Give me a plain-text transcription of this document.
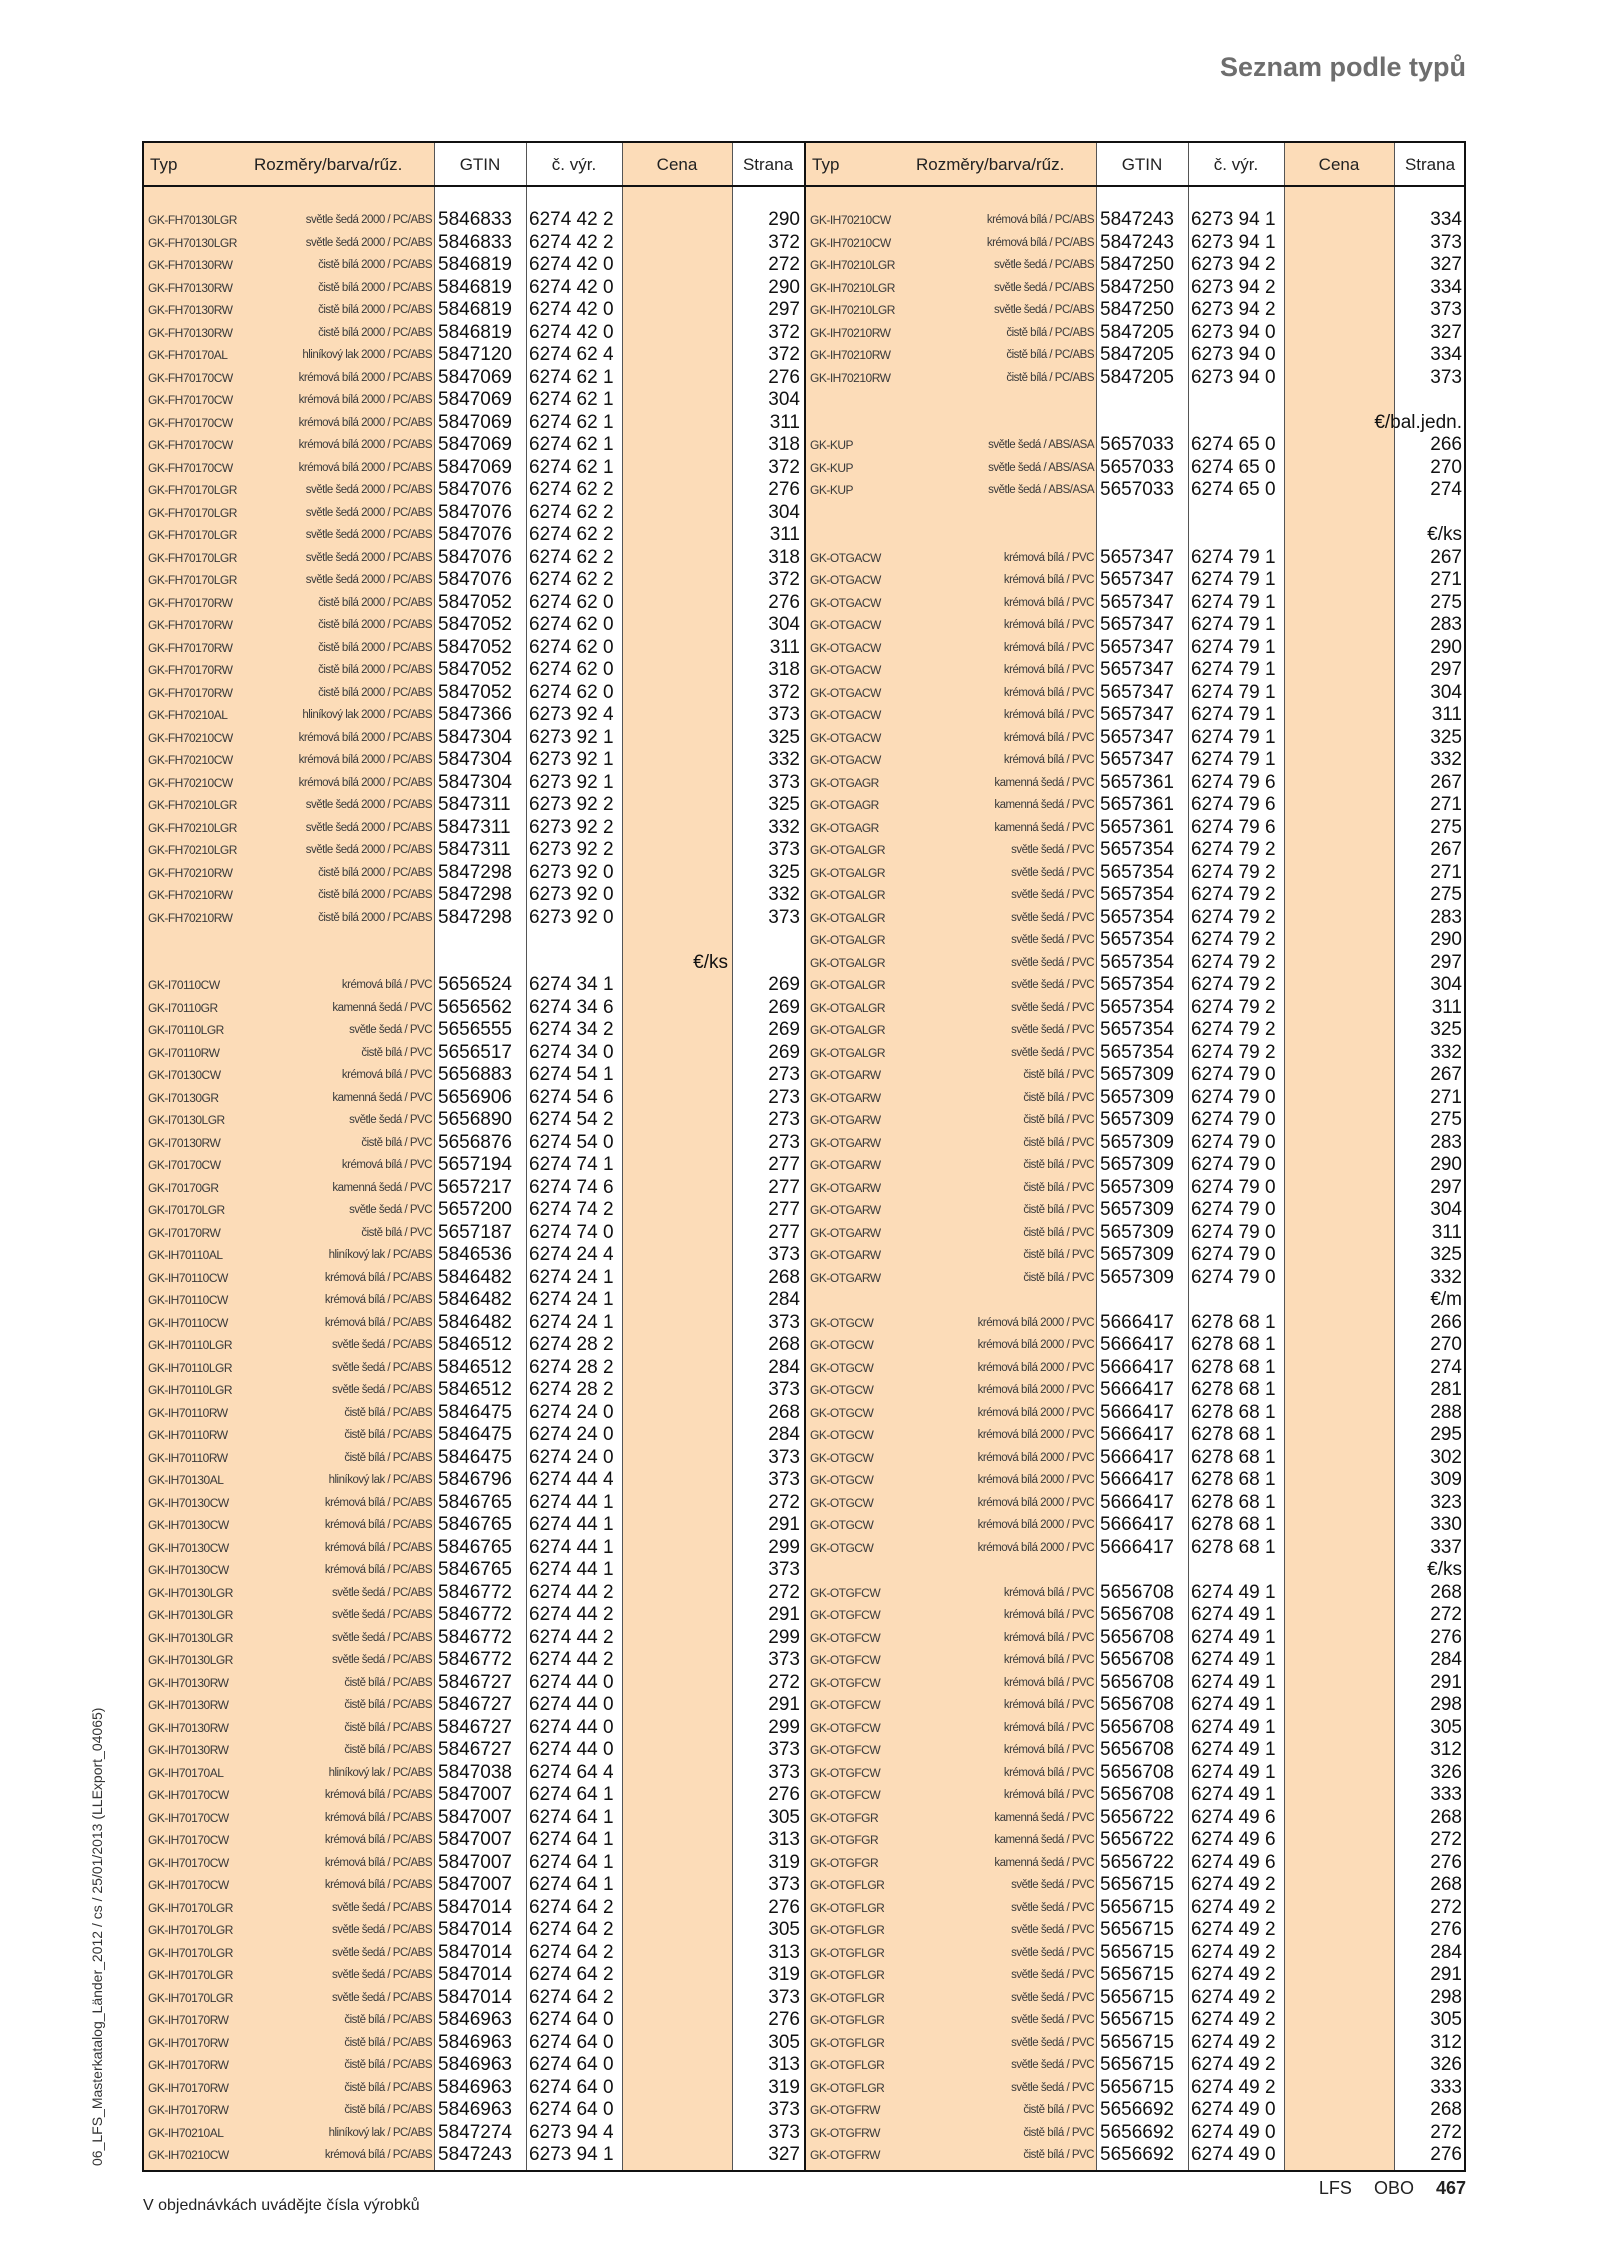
Seznam podle typů
06_LFS_Masterkatalog_Länder_2012 / cs / 25/01/2013 (LLExport_04065)
Typ	Rozměry/barva/rűz.	GTIN	č. výr.	Cena	Strana
GK-FH70130LGR	světle šedá 2000 / PC/ABS 5846833 6274 42 2	290
GK-FH70130LGR	světle šedá 2000 / PC/ABS 5846833 6274 42 2	372
GK-FH70130RW	čistě bílá 2000 / PC/ABS 5846819 6274 42 0	272
GK-FH70130RW	čistě bílá 2000 / PC/ABS 5846819 6274 42 0	290
GK-FH70130RW	čistě bílá 2000 / PC/ABS 5846819 6274 42 0	297
GK-FH70130RW	čistě bílá 2000 / PC/ABS 5846819 6274 42 0	372
GK-FH70170AL	hliníkový lak 2000 / PC/ABS 5847120 6274 62 4	372
GK-FH70170CW	krémová bílá 2000 / PC/ABS 5847069 6274 62 1	276
GK-FH70170CW	krémová bílá 2000 / PC/ABS 5847069 6274 62 1	304
GK-FH70170CW	krémová bílá 2000 / PC/ABS 5847069 6274 62 1	311
GK-FH70170CW	krémová bílá 2000 / PC/ABS 5847069 6274 62 1	318
GK-FH70170CW	krémová bílá 2000 / PC/ABS 5847069 6274 62 1	372
GK-FH70170LGR	světle šedá 2000 / PC/ABS 5847076 6274 62 2	276
GK-FH70170LGR	světle šedá 2000 / PC/ABS 5847076 6274 62 2	304
GK-FH70170LGR	světle šedá 2000 / PC/ABS 5847076 6274 62 2	311
GK-FH70170LGR	světle šedá 2000 / PC/ABS 5847076 6274 62 2	318
GK-FH70170LGR	světle šedá 2000 / PC/ABS 5847076 6274 62 2	372
GK-FH70170RW	čistě bílá 2000 / PC/ABS 5847052 6274 62 0	276
GK-FH70170RW	čistě bílá 2000 / PC/ABS 5847052 6274 62 0	304
GK-FH70170RW	čistě bílá 2000 / PC/ABS 5847052 6274 62 0	311
GK-FH70170RW	čistě bílá 2000 / PC/ABS 5847052 6274 62 0	318
GK-FH70170RW	čistě bílá 2000 / PC/ABS 5847052 6274 62 0	372
GK-FH70210AL	hliníkový lak 2000 / PC/ABS 5847366 6273 92 4	373
GK-FH70210CW	krémová bílá 2000 / PC/ABS 5847304 6273 92 1	325
GK-FH70210CW	krémová bílá 2000 / PC/ABS 5847304 6273 92 1	332
GK-FH70210CW	krémová bílá 2000 / PC/ABS 5847304 6273 92 1	373
GK-FH70210LGR	světle šedá 2000 / PC/ABS 5847311 6273 92 2	325
GK-FH70210LGR	světle šedá 2000 / PC/ABS 5847311 6273 92 2	332
GK-FH70210LGR	světle šedá 2000 / PC/ABS 5847311 6273 92 2	373
GK-FH70210RW	čistě bílá 2000 / PC/ABS 5847298 6273 92 0	325
GK-FH70210RW	čistě bílá 2000 / PC/ABS 5847298 6273 92 0	332
GK-FH70210RW	čistě bílá 2000 / PC/ABS 5847298 6273 92 0	373
€/ks
GK-I70110CW	krémová bílá / PVC 5656524 6274 34 1	269
GK-I70110GR	kamenná šedá / PVC 5656562 6274 34 6	269
GK-I70110LGR	světle šedá / PVC 5656555 6274 34 2	269
GK-I70110RW	čistě bílá / PVC 5656517 6274 34 0	269
GK-I70130CW	krémová bílá / PVC 5656883 6274 54 1	273
GK-I70130GR	kamenná šedá / PVC 5656906 6274 54 6	273
GK-I70130LGR	světle šedá / PVC 5656890 6274 54 2	273
GK-I70130RW	čistě bílá / PVC 5656876 6274 54 0	273
GK-I70170CW	krémová bílá / PVC 5657194 6274 74 1	277
GK-I70170GR	kamenná šedá / PVC 5657217 6274 74 6	277
GK-I70170LGR	světle šedá / PVC 5657200 6274 74 2	277
GK-I70170RW	čistě bílá / PVC 5657187 6274 74 0	277
GK-IH70110AL	hliníkový lak / PC/ABS 5846536 6274 24 4	373
GK-IH70110CW	krémová bílá / PC/ABS 5846482 6274 24 1	268
GK-IH70110CW	krémová bílá / PC/ABS 5846482 6274 24 1	284
GK-IH70110CW	krémová bílá / PC/ABS 5846482 6274 24 1	373
GK-IH70110LGR	světle šedá / PC/ABS 5846512 6274 28 2	268
GK-IH70110LGR	světle šedá / PC/ABS 5846512 6274 28 2	284
GK-IH70110LGR	světle šedá / PC/ABS 5846512 6274 28 2	373
GK-IH70110RW	čistě bílá / PC/ABS 5846475 6274 24 0	268
GK-IH70110RW	čistě bílá / PC/ABS 5846475 6274 24 0	284
GK-IH70110RW	čistě bílá / PC/ABS 5846475 6274 24 0	373
GK-IH70130AL	hliníkový lak / PC/ABS 5846796 6274 44 4	373
GK-IH70130CW	krémová bílá / PC/ABS 5846765 6274 44 1	272
GK-IH70130CW	krémová bílá / PC/ABS 5846765 6274 44 1	291
GK-IH70130CW	krémová bílá / PC/ABS 5846765 6274 44 1	299
GK-IH70130CW	krémová bílá / PC/ABS 5846765 6274 44 1	373
GK-IH70130LGR	světle šedá / PC/ABS 5846772 6274 44 2	272
GK-IH70130LGR	světle šedá / PC/ABS 5846772 6274 44 2	291
GK-IH70130LGR	světle šedá / PC/ABS 5846772 6274 44 2	299
GK-IH70130LGR	světle šedá / PC/ABS 5846772 6274 44 2	373
GK-IH70130RW	čistě bílá / PC/ABS 5846727 6274 44 0	272
GK-IH70130RW	čistě bílá / PC/ABS 5846727 6274 44 0	291
GK-IH70130RW	čistě bílá / PC/ABS 5846727 6274 44 0	299
GK-IH70130RW	čistě bílá / PC/ABS 5846727 6274 44 0	373
GK-IH70170AL	hliníkový lak / PC/ABS 5847038 6274 64 4	373
GK-IH70170CW	krémová bílá / PC/ABS 5847007 6274 64 1	276
GK-IH70170CW	krémová bílá / PC/ABS 5847007 6274 64 1	305
GK-IH70170CW	krémová bílá / PC/ABS 5847007 6274 64 1	313
GK-IH70170CW	krémová bílá / PC/ABS 5847007 6274 64 1	319
GK-IH70170CW	krémová bílá / PC/ABS 5847007 6274 64 1	373
GK-IH70170LGR	světle šedá / PC/ABS 5847014 6274 64 2	276
GK-IH70170LGR	světle šedá / PC/ABS 5847014 6274 64 2	305
GK-IH70170LGR	světle šedá / PC/ABS 5847014 6274 64 2	313
GK-IH70170LGR	světle šedá / PC/ABS 5847014 6274 64 2	319
GK-IH70170LGR	světle šedá / PC/ABS 5847014 6274 64 2	373
GK-IH70170RW	čistě bílá / PC/ABS 5846963 6274 64 0	276
GK-IH70170RW	čistě bílá / PC/ABS 5846963 6274 64 0	305
GK-IH70170RW	čistě bílá / PC/ABS 5846963 6274 64 0	313
GK-IH70170RW	čistě bílá / PC/ABS 5846963 6274 64 0	319
GK-IH70170RW	čistě bílá / PC/ABS 5846963 6274 64 0	373
GK-IH70210AL	hliníkový lak / PC/ABS 5847274 6273 94 4	373
GK-IH70210CW	krémová bílá / PC/ABS 5847243 6273 94 1	327
Typ	Rozměry/barva/rűz.	GTIN	č. výr.	Cena	Strana
GK-IH70210CW	krémová bílá / PC/ABS 5847243 6273 94 1	334
GK-IH70210CW	krémová bílá / PC/ABS 5847243 6273 94 1	373
GK-IH70210LGR	světle šedá / PC/ABS 5847250 6273 94 2	327
GK-IH70210LGR	světle šedá / PC/ABS 5847250 6273 94 2	334
GK-IH70210LGR	světle šedá / PC/ABS 5847250 6273 94 2	373
GK-IH70210RW	čistě bílá / PC/ABS 5847205 6273 94 0	327
GK-IH70210RW	čistě bílá / PC/ABS 5847205 6273 94 0	334
GK-IH70210RW	čistě bílá / PC/ABS 5847205 6273 94 0	373
€/bal.jedn.
GK-KUP	světle šedá / ABS/ASA 5657033 6274 65 0	266
GK-KUP	světle šedá / ABS/ASA 5657033 6274 65 0	270
GK-KUP	světle šedá / ABS/ASA 5657033 6274 65 0	274
€/ks
GK-OTGACW	krémová bílá / PVC 5657347 6274 79 1	267
GK-OTGACW	krémová bílá / PVC 5657347 6274 79 1	271
GK-OTGACW	krémová bílá / PVC 5657347 6274 79 1	275
GK-OTGACW	krémová bílá / PVC 5657347 6274 79 1	283
GK-OTGACW	krémová bílá / PVC 5657347 6274 79 1	290
GK-OTGACW	krémová bílá / PVC 5657347 6274 79 1	297
GK-OTGACW	krémová bílá / PVC 5657347 6274 79 1	304
GK-OTGACW	krémová bílá / PVC 5657347 6274 79 1	311
GK-OTGACW	krémová bílá / PVC 5657347 6274 79 1	325
GK-OTGACW	krémová bílá / PVC 5657347 6274 79 1	332
GK-OTGAGR	kamenná šedá / PVC 5657361 6274 79 6	267
GK-OTGAGR	kamenná šedá / PVC 5657361 6274 79 6	271
GK-OTGAGR	kamenná šedá / PVC 5657361 6274 79 6	275
GK-OTGALGR	světle šedá / PVC 5657354 6274 79 2	267
GK-OTGALGR	světle šedá / PVC 5657354 6274 79 2	271
GK-OTGALGR	světle šedá / PVC 5657354 6274 79 2	275
GK-OTGALGR	světle šedá / PVC 5657354 6274 79 2	283
GK-OTGALGR	světle šedá / PVC 5657354 6274 79 2	290
GK-OTGALGR	světle šedá / PVC 5657354 6274 79 2	297
GK-OTGALGR	světle šedá / PVC 5657354 6274 79 2	304
GK-OTGALGR	světle šedá / PVC 5657354 6274 79 2	311
GK-OTGALGR	světle šedá / PVC 5657354 6274 79 2	325
GK-OTGALGR	světle šedá / PVC 5657354 6274 79 2	332
GK-OTGARW	čistě bílá / PVC 5657309 6274 79 0	267
GK-OTGARW	čistě bílá / PVC 5657309 6274 79 0	271
GK-OTGARW	čistě bílá / PVC 5657309 6274 79 0	275
GK-OTGARW	čistě bílá / PVC 5657309 6274 79 0	283
GK-OTGARW	čistě bílá / PVC 5657309 6274 79 0	290
GK-OTGARW	čistě bílá / PVC 5657309 6274 79 0	297
GK-OTGARW	čistě bílá / PVC 5657309 6274 79 0	304
GK-OTGARW	čistě bílá / PVC 5657309 6274 79 0	311
GK-OTGARW	čistě bílá / PVC 5657309 6274 79 0	325
GK-OTGARW	čistě bílá / PVC 5657309 6274 79 0	332
€/m
GK-OTGCW	krémová bílá 2000 / PVC 5666417 6278 68 1	266
GK-OTGCW	krémová bílá 2000 / PVC 5666417 6278 68 1	270
GK-OTGCW	krémová bílá 2000 / PVC 5666417 6278 68 1	274
GK-OTGCW	krémová bílá 2000 / PVC 5666417 6278 68 1	281
GK-OTGCW	krémová bílá 2000 / PVC 5666417 6278 68 1	288
GK-OTGCW	krémová bílá 2000 / PVC 5666417 6278 68 1	295
GK-OTGCW	krémová bílá 2000 / PVC 5666417 6278 68 1	302
GK-OTGCW	krémová bílá 2000 / PVC 5666417 6278 68 1	309
GK-OTGCW	krémová bílá 2000 / PVC 5666417 6278 68 1	323
GK-OTGCW	krémová bílá 2000 / PVC 5666417 6278 68 1	330
GK-OTGCW	krémová bílá 2000 / PVC 5666417 6278 68 1	337
€/ks
GK-OTGFCW	krémová bílá / PVC 5656708 6274 49 1	268
GK-OTGFCW	krémová bílá / PVC 5656708 6274 49 1	272
GK-OTGFCW	krémová bílá / PVC 5656708 6274 49 1	276
GK-OTGFCW	krémová bílá / PVC 5656708 6274 49 1	284
GK-OTGFCW	krémová bílá / PVC 5656708 6274 49 1	291
GK-OTGFCW	krémová bílá / PVC 5656708 6274 49 1	298
GK-OTGFCW	krémová bílá / PVC 5656708 6274 49 1	305
GK-OTGFCW	krémová bílá / PVC 5656708 6274 49 1	312
GK-OTGFCW	krémová bílá / PVC 5656708 6274 49 1	326
GK-OTGFCW	krémová bílá / PVC 5656708 6274 49 1	333
GK-OTGFGR	kamenná šedá / PVC 5656722 6274 49 6	268
GK-OTGFGR	kamenná šedá / PVC 5656722 6274 49 6	272
GK-OTGFGR	kamenná šedá / PVC 5656722 6274 49 6	276
GK-OTGFLGR	světle šedá / PVC 5656715 6274 49 2	268
GK-OTGFLGR	světle šedá / PVC 5656715 6274 49 2	272
GK-OTGFLGR	světle šedá / PVC 5656715 6274 49 2	276
GK-OTGFLGR	světle šedá / PVC 5656715 6274 49 2	284
GK-OTGFLGR	světle šedá / PVC 5656715 6274 49 2	291
GK-OTGFLGR	světle šedá / PVC 5656715 6274 49 2	298
GK-OTGFLGR	světle šedá / PVC 5656715 6274 49 2	305
GK-OTGFLGR	světle šedá / PVC 5656715 6274 49 2	312
GK-OTGFLGR	světle šedá / PVC 5656715 6274 49 2	326
GK-OTGFLGR	světle šedá / PVC 5656715 6274 49 2	333
GK-OTGFRW	čistě bílá / PVC 5656692 6274 49 0	268
GK-OTGFRW	čistě bílá / PVC 5656692 6274 49 0	272
GK-OTGFRW	čistě bílá / PVC 5656692 6274 49 0	276
V objednávkách uvádějte čísla výrobků
LFS OBO 467
